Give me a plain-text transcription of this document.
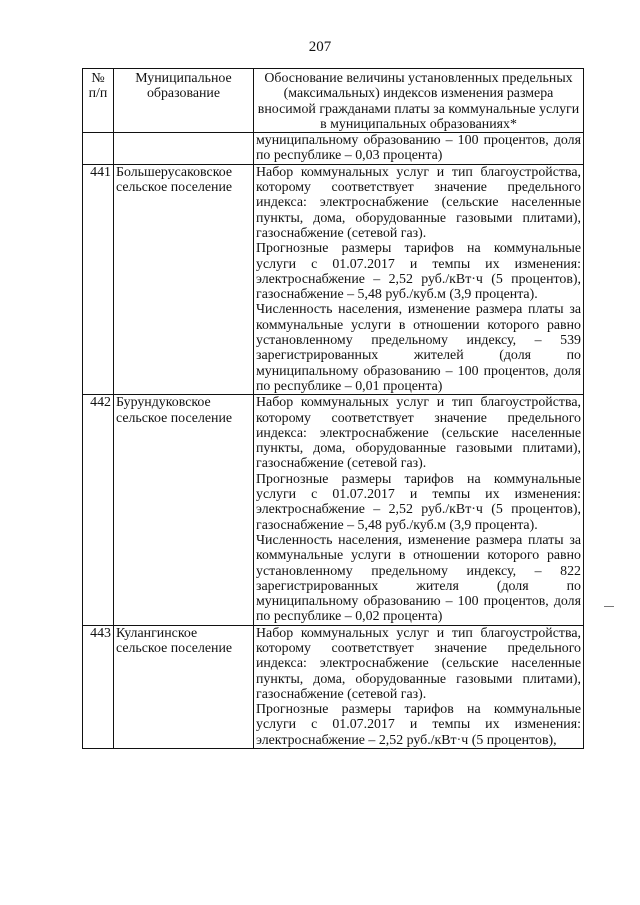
207
№ п/п	Муниципальное образование	Обоснование величины установленных предельных (максимальных) индексов изменения размера вносимой гражданами платы за коммунальные услуги в муниципальных образованиях*

		муниципальному образованию – 100 процентов, доля по республике – 0,03 процента)

441	Большерусаковское сельское поселение	Набор коммунальных услуг и тип благоустройства, которому соответствует значение предельного индекса: электроснабжение (сельские населенные пункты, дома, оборудованные газовыми плитами), газоснабжение (сетевой газ).
Прогнозные размеры тарифов на коммунальные услуги с 01.07.2017 и темпы их изменения: электроснабжение – 2,52 руб./кВт·ч (5 процентов), газоснабжение – 5,48 руб./куб.м (3,9 процента).
Численность населения, изменение размера платы за коммунальные услуги в отношении которого равно установленному предельному индексу, – 539 зарегистрированных жителей (доля по муниципальному образованию – 100 процентов, доля по республике – 0,01 процента)

442	Бурундуковское сельское поселение	Набор коммунальных услуг и тип благоустройства, которому соответствует значение предельного индекса: электроснабжение (сельские населенные пункты, дома, оборудованные газовыми плитами), газоснабжение (сетевой газ).
Прогнозные размеры тарифов на коммунальные услуги с 01.07.2017 и темпы их изменения: электроснабжение – 2,52 руб./кВт·ч (5 процентов), газоснабжение – 5,48 руб./куб.м (3,9 процента).
Численность населения, изменение размера платы за коммунальные услуги в отношении которого равно установленному предельному индексу, – 822 зарегистрированных жителя (доля по муниципальному образованию – 100 процентов, доля по республике – 0,02 процента)

443	Кулангинское сельское поселение	Набор коммунальных услуг и тип благоустройства, которому соответствует значение предельного индекса: электроснабжение (сельские населенные пункты, дома, оборудованные газовыми плитами), газоснабжение (сетевой газ).
Прогнозные размеры тарифов на коммунальные услуги с 01.07.2017 и темпы их изменения: электроснабжение – 2,52 руб./кВт·ч (5 процентов),
